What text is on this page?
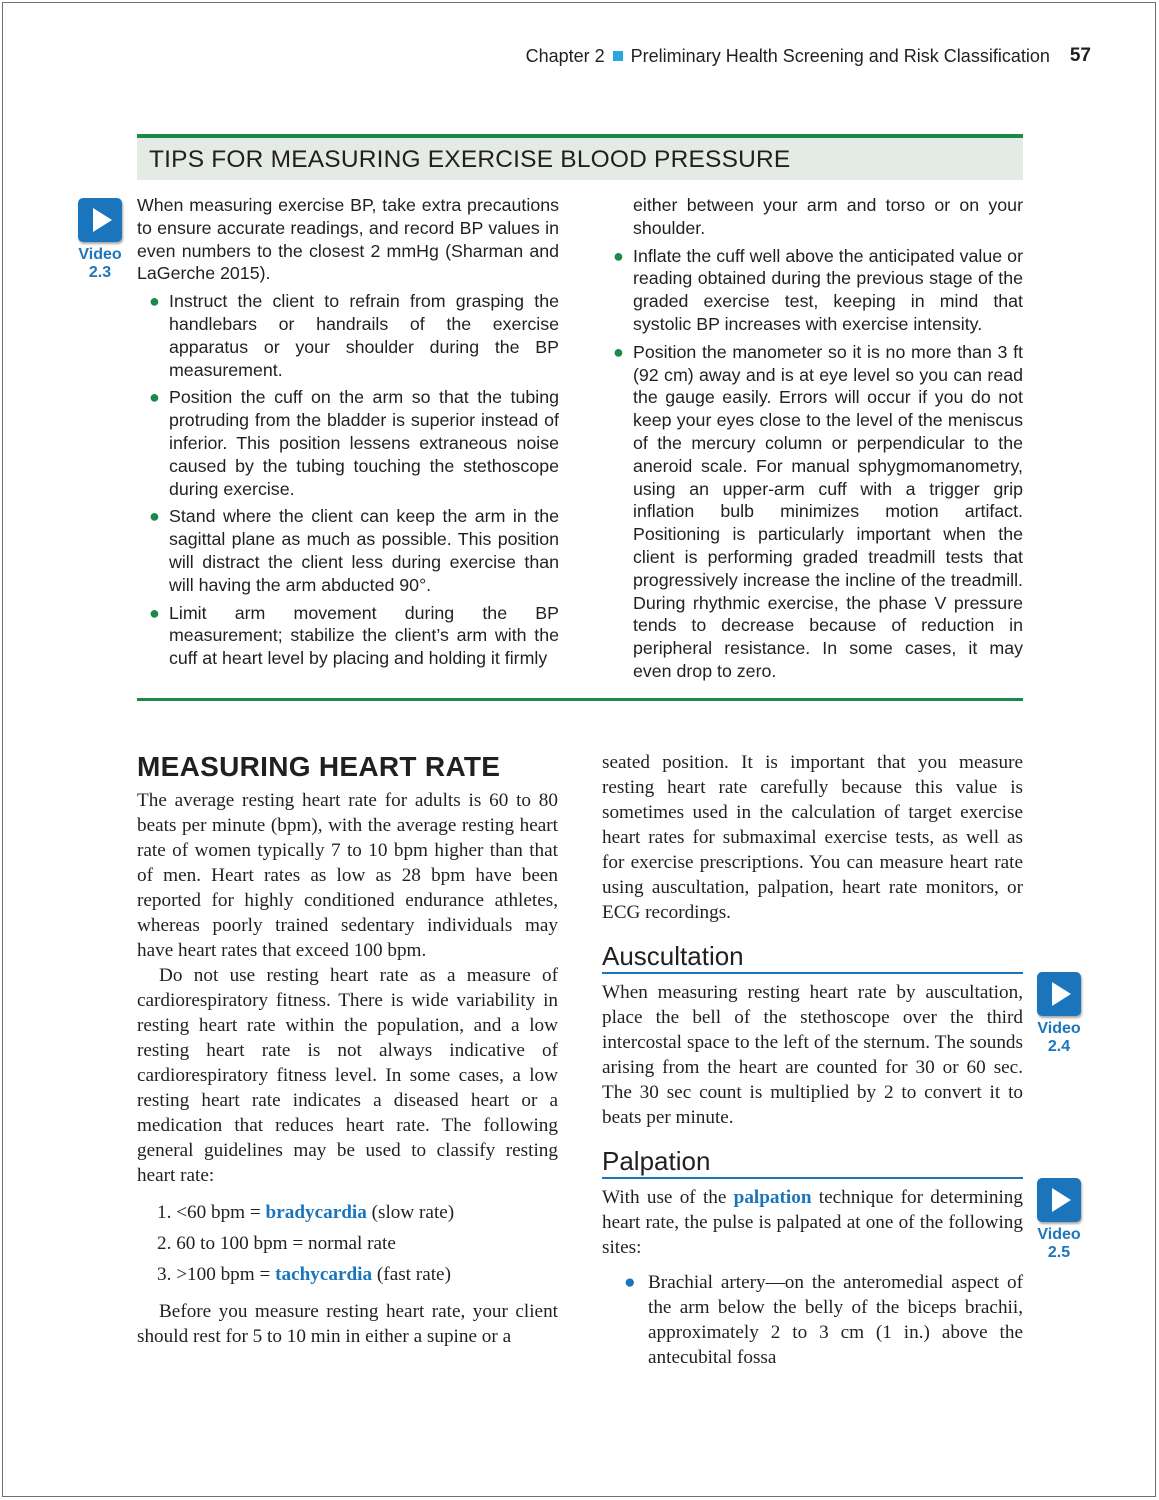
Chapter 2 Preliminary Health Screening and Risk Classification 57
TIPS FOR MEASURING EXERCISE BLOOD PRESSURE

When measuring exercise BP, take extra precautions to ensure accurate readings, and record BP values in even numbers to the closest 2 mmHg (Sharman and LaGerche 2015).

● Instruct the client to refrain from grasping the handlebars or handrails of the exercise apparatus or your shoulder during the BP measurement.
● Position the cuff on the arm so that the tubing protruding from the bladder is superior instead of inferior. This position lessens extraneous noise caused by the tubing touching the stethoscope during exercise.
● Stand where the client can keep the arm in the sagittal plane as much as possible. This position will distract the client less during exercise than will having the arm abducted 90°.
● Limit arm movement during the BP measurement; stabilize the client’s arm with the cuff at heart level by placing and holding it firmly
either between your arm and torso or on your shoulder.
● Inflate the cuff well above the anticipated value or reading obtained during the previous stage of the graded exercise test, keeping in mind that systolic BP increases with exercise intensity.
● Position the manometer so it is no more than 3 ft (92 cm) away and is at eye level so you can read the gauge easily. Errors will occur if you do not keep your eyes close to the level of the meniscus of the mercury column or perpendicular to the aneroid scale. For manual sphygmomanometry, using an upper-arm cuff with a trigger grip inflation bulb minimizes motion artifact. Positioning is particularly important when the client is performing graded treadmill tests that progressively increase the incline of the treadmill. During rhythmic exercise, the phase V pressure tends to decrease because of reduction in peripheral resistance. In some cases, it may even drop to zero.
Video
2.3
MEASURING HEART RATE

The average resting heart rate for adults is 60 to 80 beats per minute (bpm), with the average resting heart rate of women typically 7 to 10 bpm higher than that of men. Heart rates as low as 28 bpm have been reported for highly conditioned endurance athletes, whereas poorly trained sedentary individuals may have heart rates that exceed 100 bpm.

Do not use resting heart rate as a measure of cardiorespiratory fitness. There is wide variability in resting heart rate within the population, and a low resting heart rate is not always indicative of cardiorespiratory fitness level. In some cases, a low resting heart rate indicates a diseased heart or a medication that reduces heart rate. The following general guidelines may be used to classify resting heart rate:

1. <60 bpm = bradycardia (slow rate)
2. 60 to 100 bpm = normal rate
3. >100 bpm = tachycardia (fast rate)

Before you measure resting heart rate, your client should rest for 5 to 10 min in either a supine or a

seated position. It is important that you measure resting heart rate carefully because this value is sometimes used in the calculation of target exercise heart rates for submaximal exercise tests, as well as for exercise prescriptions. You can measure heart rate using auscultation, palpation, heart rate monitors, or ECG recordings.

Auscultation

When measuring resting heart rate by auscultation, place the bell of the stethoscope over the third intercostal space to the left of the sternum. The sounds arising from the heart are counted for 30 or 60 sec. The 30 sec count is multiplied by 2 to convert it to beats per minute.

Palpation

With use of the palpation technique for determining heart rate, the pulse is palpated at one of the following sites:

● Brachial artery—on the anteromedial aspect of the arm below the belly of the biceps brachii, approximately 2 to 3 cm (1 in.) above the antecubital fossa
Video
2.4
Video
2.5
